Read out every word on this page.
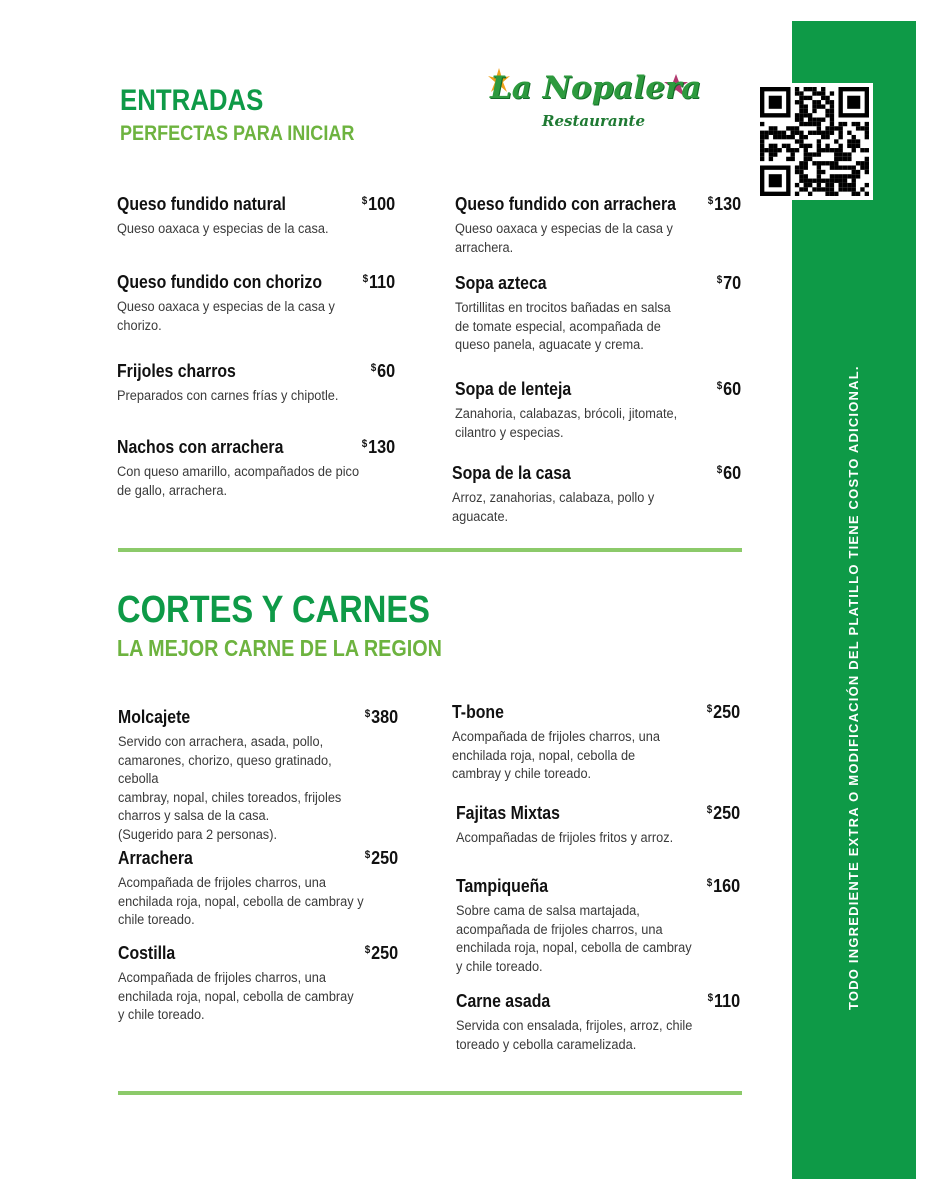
TODO INGREDIENTE EXTRA O MODIFICACIÓN DEL PLATILLO TIENE COSTO ADICIONAL.
La Nopalera
Restaurante
ENTRADAS
PERFECTAS PARA INICIAR
Queso fundido natural	$100
Queso oaxaca y especias de la casa.
Queso fundido con chorizo	$110
Queso oaxaca y especias de la casa y
chorizo.
Frijoles charros	$60
Preparados con carnes frías y chipotle.
Nachos con arrachera	$130
Con queso amarillo, acompañados de pico
de gallo, arrachera.
Queso fundido con arrachera	$130
Queso oaxaca y especias de la casa y
arrachera.
Sopa azteca	$70
Tortillitas en trocitos bañadas en salsa
de tomate especial, acompañada de
queso panela, aguacate y crema.
Sopa de lenteja	$60
Zanahoria, calabazas, brócoli, jitomate,
cilantro y especias.
Sopa de la casa	$60
Arroz, zanahorias, calabaza, pollo y
aguacate.
CORTES Y CARNES
LA MEJOR CARNE DE LA REGION
Molcajete	$380
Servido con arrachera, asada, pollo,
camarones, chorizo, queso gratinado, cebolla
cambray, nopal, chiles toreados, frijoles
charros y salsa de la casa.
(Sugerido para 2 personas).
Arrachera	$250
Acompañada de frijoles charros, una
enchilada roja, nopal, cebolla de cambray y
chile toreado.
Costilla	$250
Acompañada de frijoles charros, una
enchilada roja, nopal, cebolla de cambray
y chile toreado.
T-bone	$250
Acompañada de frijoles charros, una
enchilada roja, nopal, cebolla de
cambray y chile toreado.
Fajitas Mixtas	$250
Acompañadas de frijoles fritos y arroz.
Tampiqueña	$160
Sobre cama de salsa martajada,
acompañada de frijoles charros, una
enchilada roja, nopal, cebolla de cambray
y chile toreado.
Carne asada	$110
Servida con ensalada, frijoles, arroz, chile
toreado y cebolla caramelizada.
